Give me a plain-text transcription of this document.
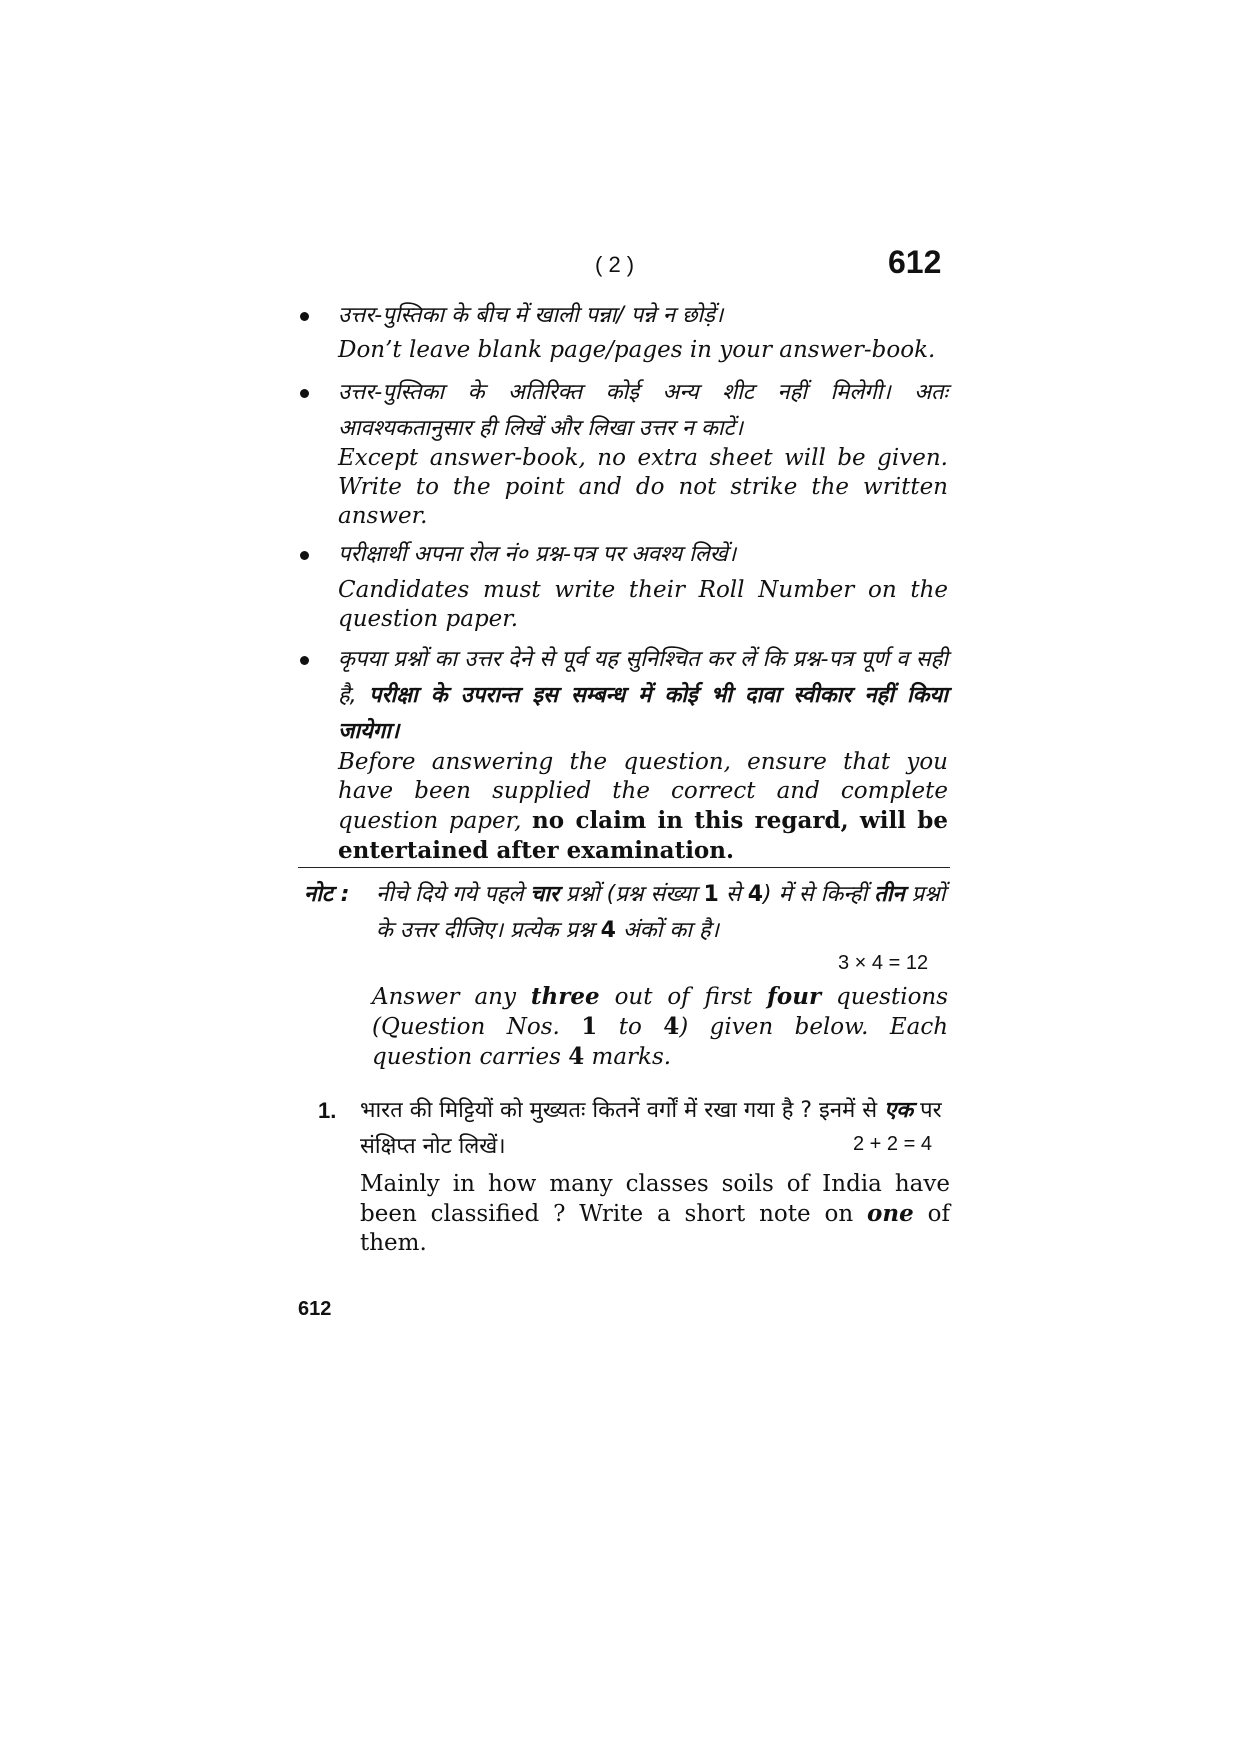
( 2 )	612
उत्तर-पुस्तिका के बीच में खाली पन्ना/ पन्ने न छोड़ें।
Don’t leave blank page/pages in your answer-book.
उत्तर-पुस्तिका के अतिरिक्त कोई अन्य शीट नहीं मिलेगी। अतः आवश्यकतानुसार ही लिखें और लिखा उत्तर न काटें।
Except answer-book, no extra sheet will be given. Write to the point and do not strike the written answer.
परीक्षार्थी अपना रोल नं० प्रश्न-पत्र पर अवश्य लिखें।
Candidates must write their Roll Number on the question paper.
कृपया प्रश्नों का उत्तर देने से पूर्व यह सुनिश्चित कर लें कि प्रश्न-पत्र पूर्ण व सही है, परीक्षा के उपरान्त इस सम्बन्ध में कोई भी दावा स्वीकार नहीं किया जायेगा।
Before answering the question, ensure that you have been supplied the correct and complete question paper, no claim in this regard, will be entertained after examination.
नोट : नीचे दिये गये पहले चार प्रश्नों (प्रश्न संख्या 1 से 4) में से किन्हीं तीन प्रश्नों के उत्तर दीजिए। प्रत्येक प्रश्न 4 अंकों का है।
3 × 4 = 12
Answer any three out of first four questions (Question Nos. 1 to 4) given below. Each question carries 4 marks.
1. भारत की मिट्टियों को मुख्यतः कितनें वर्गों में रखा गया है ? इनमें से एक पर संक्षिप्त नोट लिखें।	2 + 2 = 4
Mainly in how many classes soils of India have been classified ? Write a short note on one of them.
612
